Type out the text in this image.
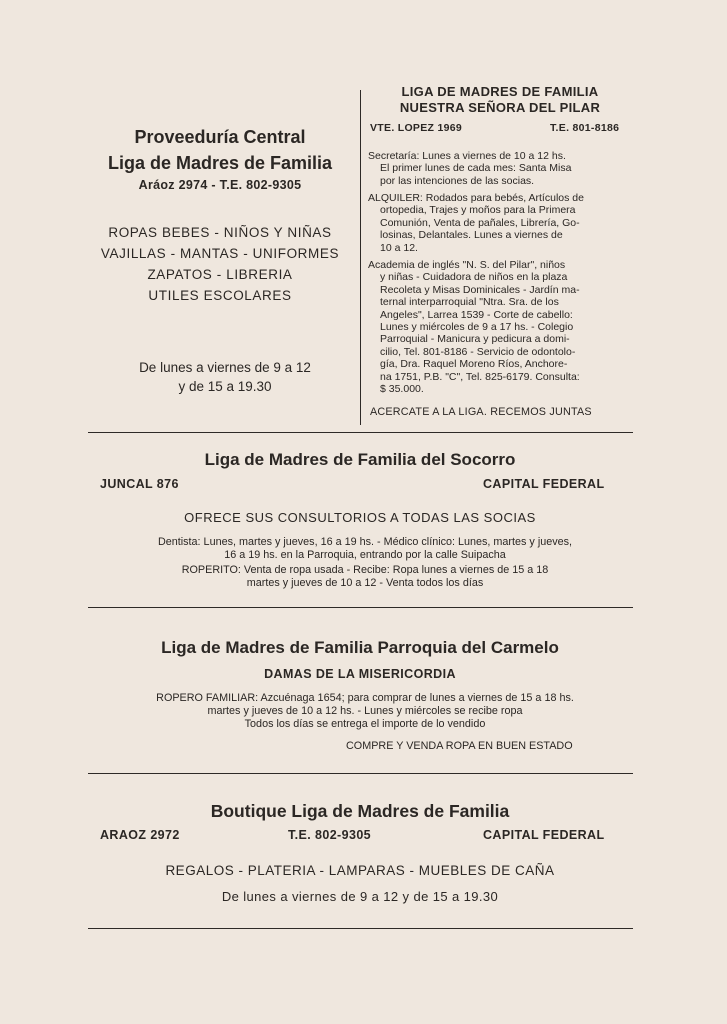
Proveeduría Central
Liga de Madres de Familia
Aráoz 2974 - T.E. 802-9305
ROPAS BEBES - NIÑOS Y NIÑAS
VAJILLAS - MANTAS - UNIFORMES
ZAPATOS - LIBRERIA
UTILES ESCOLARES
De lunes a viernes de 9 a 12
y de 15 a 19.30
LIGA DE MADRES DE FAMILIA
NUESTRA SEÑORA DEL PILAR
VTE. LOPEZ 1969	T.E. 801-8186
Secretaría: Lunes a viernes de 10 a 12 hs.
El primer lunes de cada mes: Santa Misa
por las intenciones de las socias.
ALQUILER: Rodados para bebés, Artículos de
ortopedia, Trajes y moños para la Primera
Comunión, Venta de pañales, Librería, Go-
losinas, Delantales. Lunes a viernes de
10 a 12.
Academia de inglés "N. S. del Pilar", niños
y niñas - Cuidadora de niños en la plaza
Recoleta y Misas Dominicales - Jardín ma-
ternal interparroquial "Ntra. Sra. de los
Angeles", Larrea 1539 - Corte de cabello:
Lunes y miércoles de 9 a 17 hs. - Colegio
Parroquial - Manicura y pedicura a domi-
cilio, Tel. 801-8186 - Servicio de odontolo-
gía, Dra. Raquel Moreno Ríos, Anchore-
na 1751, P.B. "C", Tel. 825-6179. Consulta:
$ 35.000.
ACERCATE A LA LIGA. RECEMOS JUNTAS
Liga de Madres de Familia del Socorro
JUNCAL 876	CAPITAL FEDERAL
OFRECE SUS CONSULTORIOS A TODAS LAS SOCIAS
Dentista: Lunes, martes y jueves, 16 a 19 hs. - Médico clínico: Lunes, martes y jueves,
16 a 19 hs. en la Parroquia, entrando por la calle Suipacha
ROPERITO: Venta de ropa usada - Recibe: Ropa lunes a viernes de 15 a 18
martes y jueves de 10 a 12 - Venta todos los días
Liga de Madres de Familia Parroquia del Carmelo
DAMAS DE LA MISERICORDIA
ROPERO FAMILIAR: Azcuénaga 1654; para comprar de lunes a viernes de 15 a 18 hs.
martes y jueves de 10 a 12 hs. - Lunes y miércoles se recibe ropa
Todos los días se entrega el importe de lo vendido
COMPRE Y VENDA ROPA EN BUEN ESTADO
Boutique Liga de Madres de Familia
ARAOZ 2972	T.E. 802-9305	CAPITAL FEDERAL
REGALOS - PLATERIA - LAMPARAS - MUEBLES DE CAÑA
De lunes a viernes de 9 a 12 y de 15 a 19.30
